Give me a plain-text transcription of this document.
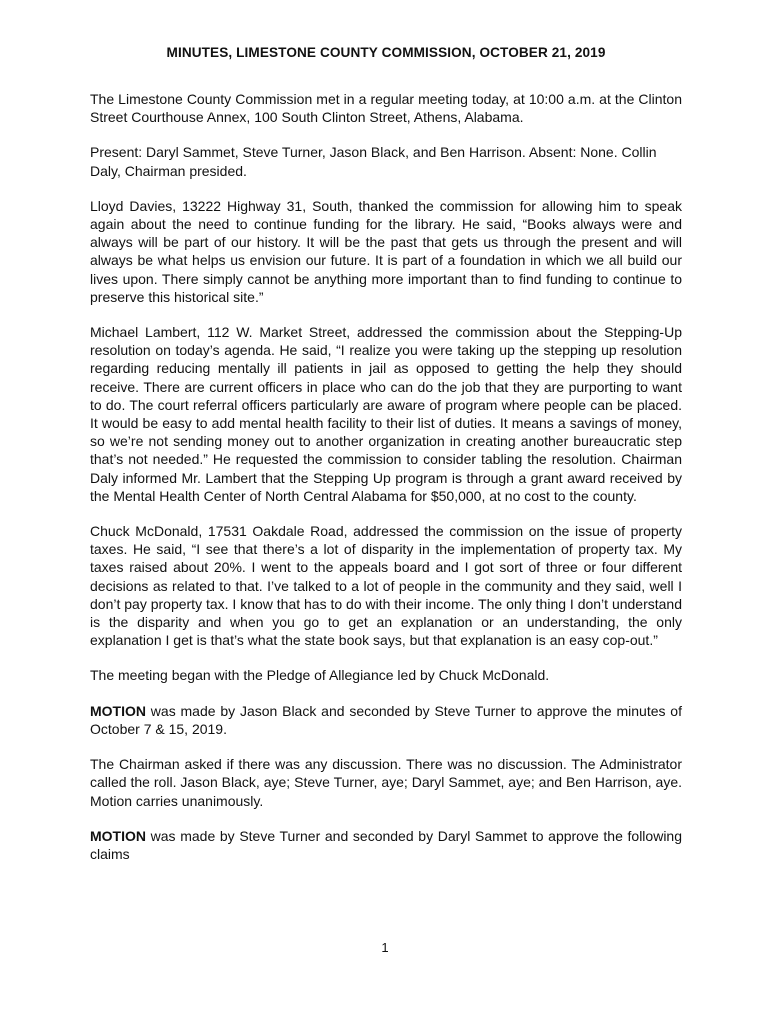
MINUTES, LIMESTONE COUNTY COMMISSION, OCTOBER 21, 2019

The Limestone County Commission met in a regular meeting today, at 10:00 a.m. at the Clinton Street Courthouse Annex, 100 South Clinton Street, Athens, Alabama.

Present: Daryl Sammet, Steve Turner, Jason Black, and Ben Harrison. Absent: None. Collin Daly, Chairman presided.

Lloyd Davies, 13222 Highway 31, South, thanked the commission for allowing him to speak again about the need to continue funding for the library. He said, “Books always were and always will be part of our history. It will be the past that gets us through the present and will always be what helps us envision our future. It is part of a foundation in which we all build our lives upon. There simply cannot be anything more important than to find funding to continue to preserve this historical site.”

Michael Lambert, 112 W. Market Street, addressed the commission about the Stepping-Up resolution on today’s agenda. He said, “I realize you were taking up the stepping up resolution regarding reducing mentally ill patients in jail as opposed to getting the help they should receive. There are current officers in place who can do the job that they are purporting to want to do. The court referral officers particularly are aware of program where people can be placed. It would be easy to add mental health facility to their list of duties. It means a savings of money, so we’re not sending money out to another organization in creating another bureaucratic step that’s not needed.” He requested the commission to consider tabling the resolution. Chairman Daly informed Mr. Lambert that the Stepping Up program is through a grant award received by the Mental Health Center of North Central Alabama for $50,000, at no cost to the county.

Chuck McDonald, 17531 Oakdale Road, addressed the commission on the issue of property taxes. He said, “I see that there’s a lot of disparity in the implementation of property tax. My taxes raised about 20%. I went to the appeals board and I got sort of three or four different decisions as related to that. I’ve talked to a lot of people in the community and they said, well I don’t pay property tax. I know that has to do with their income. The only thing I don’t understand is the disparity and when you go to get an explanation or an understanding, the only explanation I get is that’s what the state book says, but that explanation is an easy cop-out.”

The meeting began with the Pledge of Allegiance led by Chuck McDonald.

MOTION was made by Jason Black and seconded by Steve Turner to approve the minutes of October 7 & 15, 2019.

The Chairman asked if there was any discussion. There was no discussion. The Administrator called the roll. Jason Black, aye; Steve Turner, aye; Daryl Sammet, aye; and Ben Harrison, aye. Motion carries unanimously.

MOTION was made by Steve Turner and seconded by Daryl Sammet to approve the following claims

1
